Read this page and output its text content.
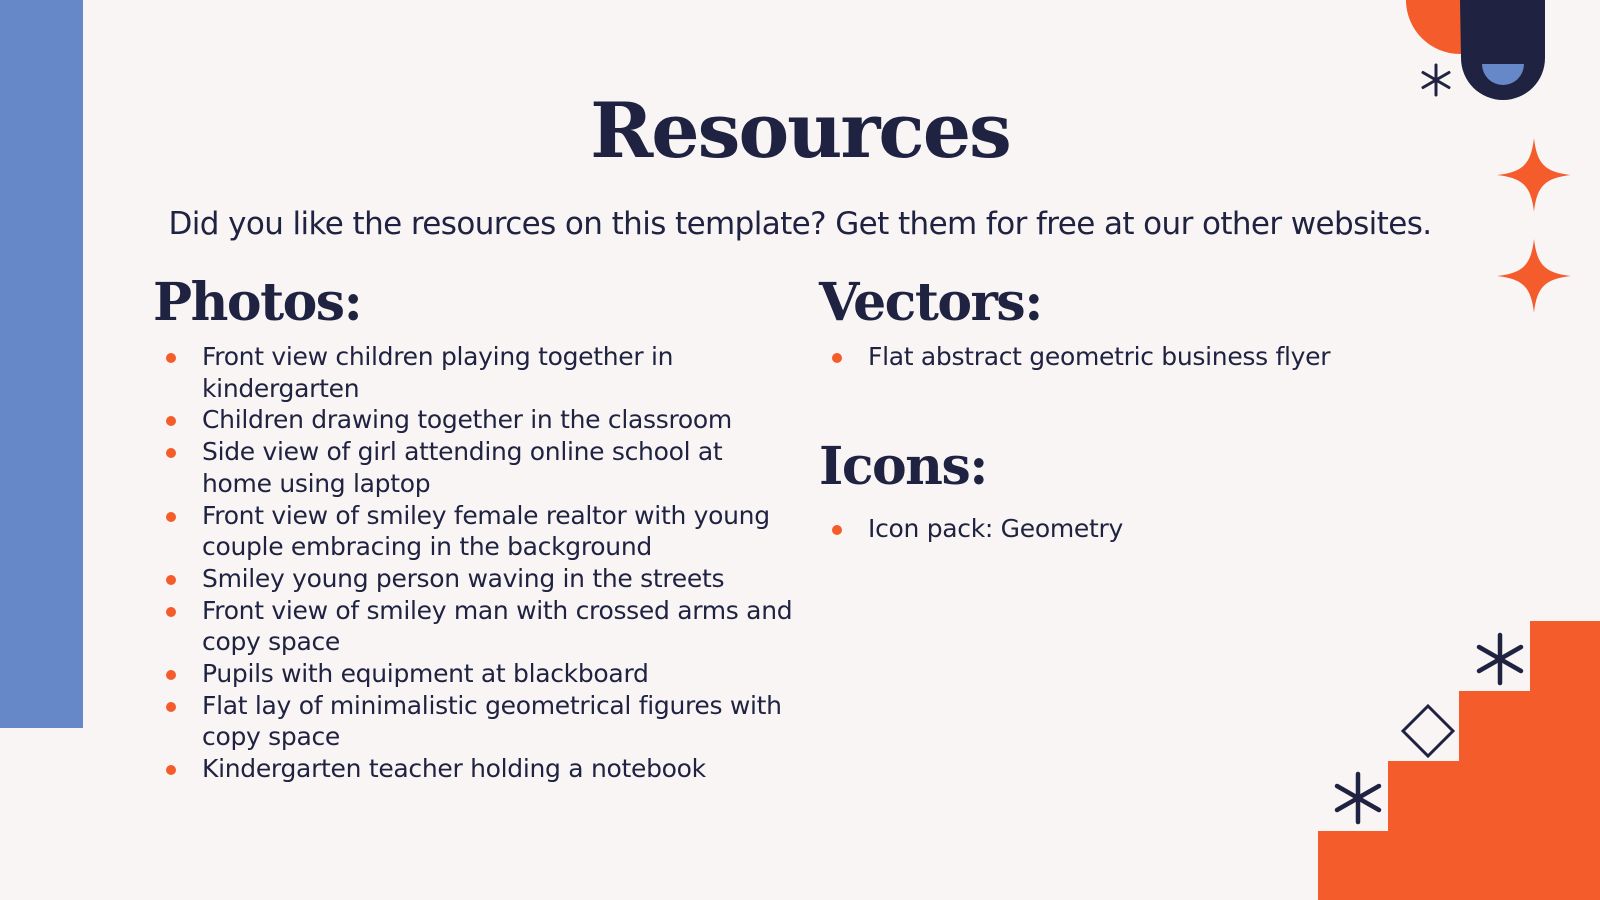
Resources

Did you like the resources on this template? Get them for free at our other websites.

Photos:
Front view children playing together in kindergarten
Children drawing together in the classroom
Side view of girl attending online school at home using laptop
Front view of smiley female realtor with young couple embracing in the background
Smiley young person waving in the streets
Front view of smiley man with crossed arms and copy space
Pupils with equipment at blackboard
Flat lay of minimalistic geometrical figures with copy space
Kindergarten teacher holding a notebook
Vectors:
Flat abstract geometric business flyer
Icons:
Icon pack: Geometry
